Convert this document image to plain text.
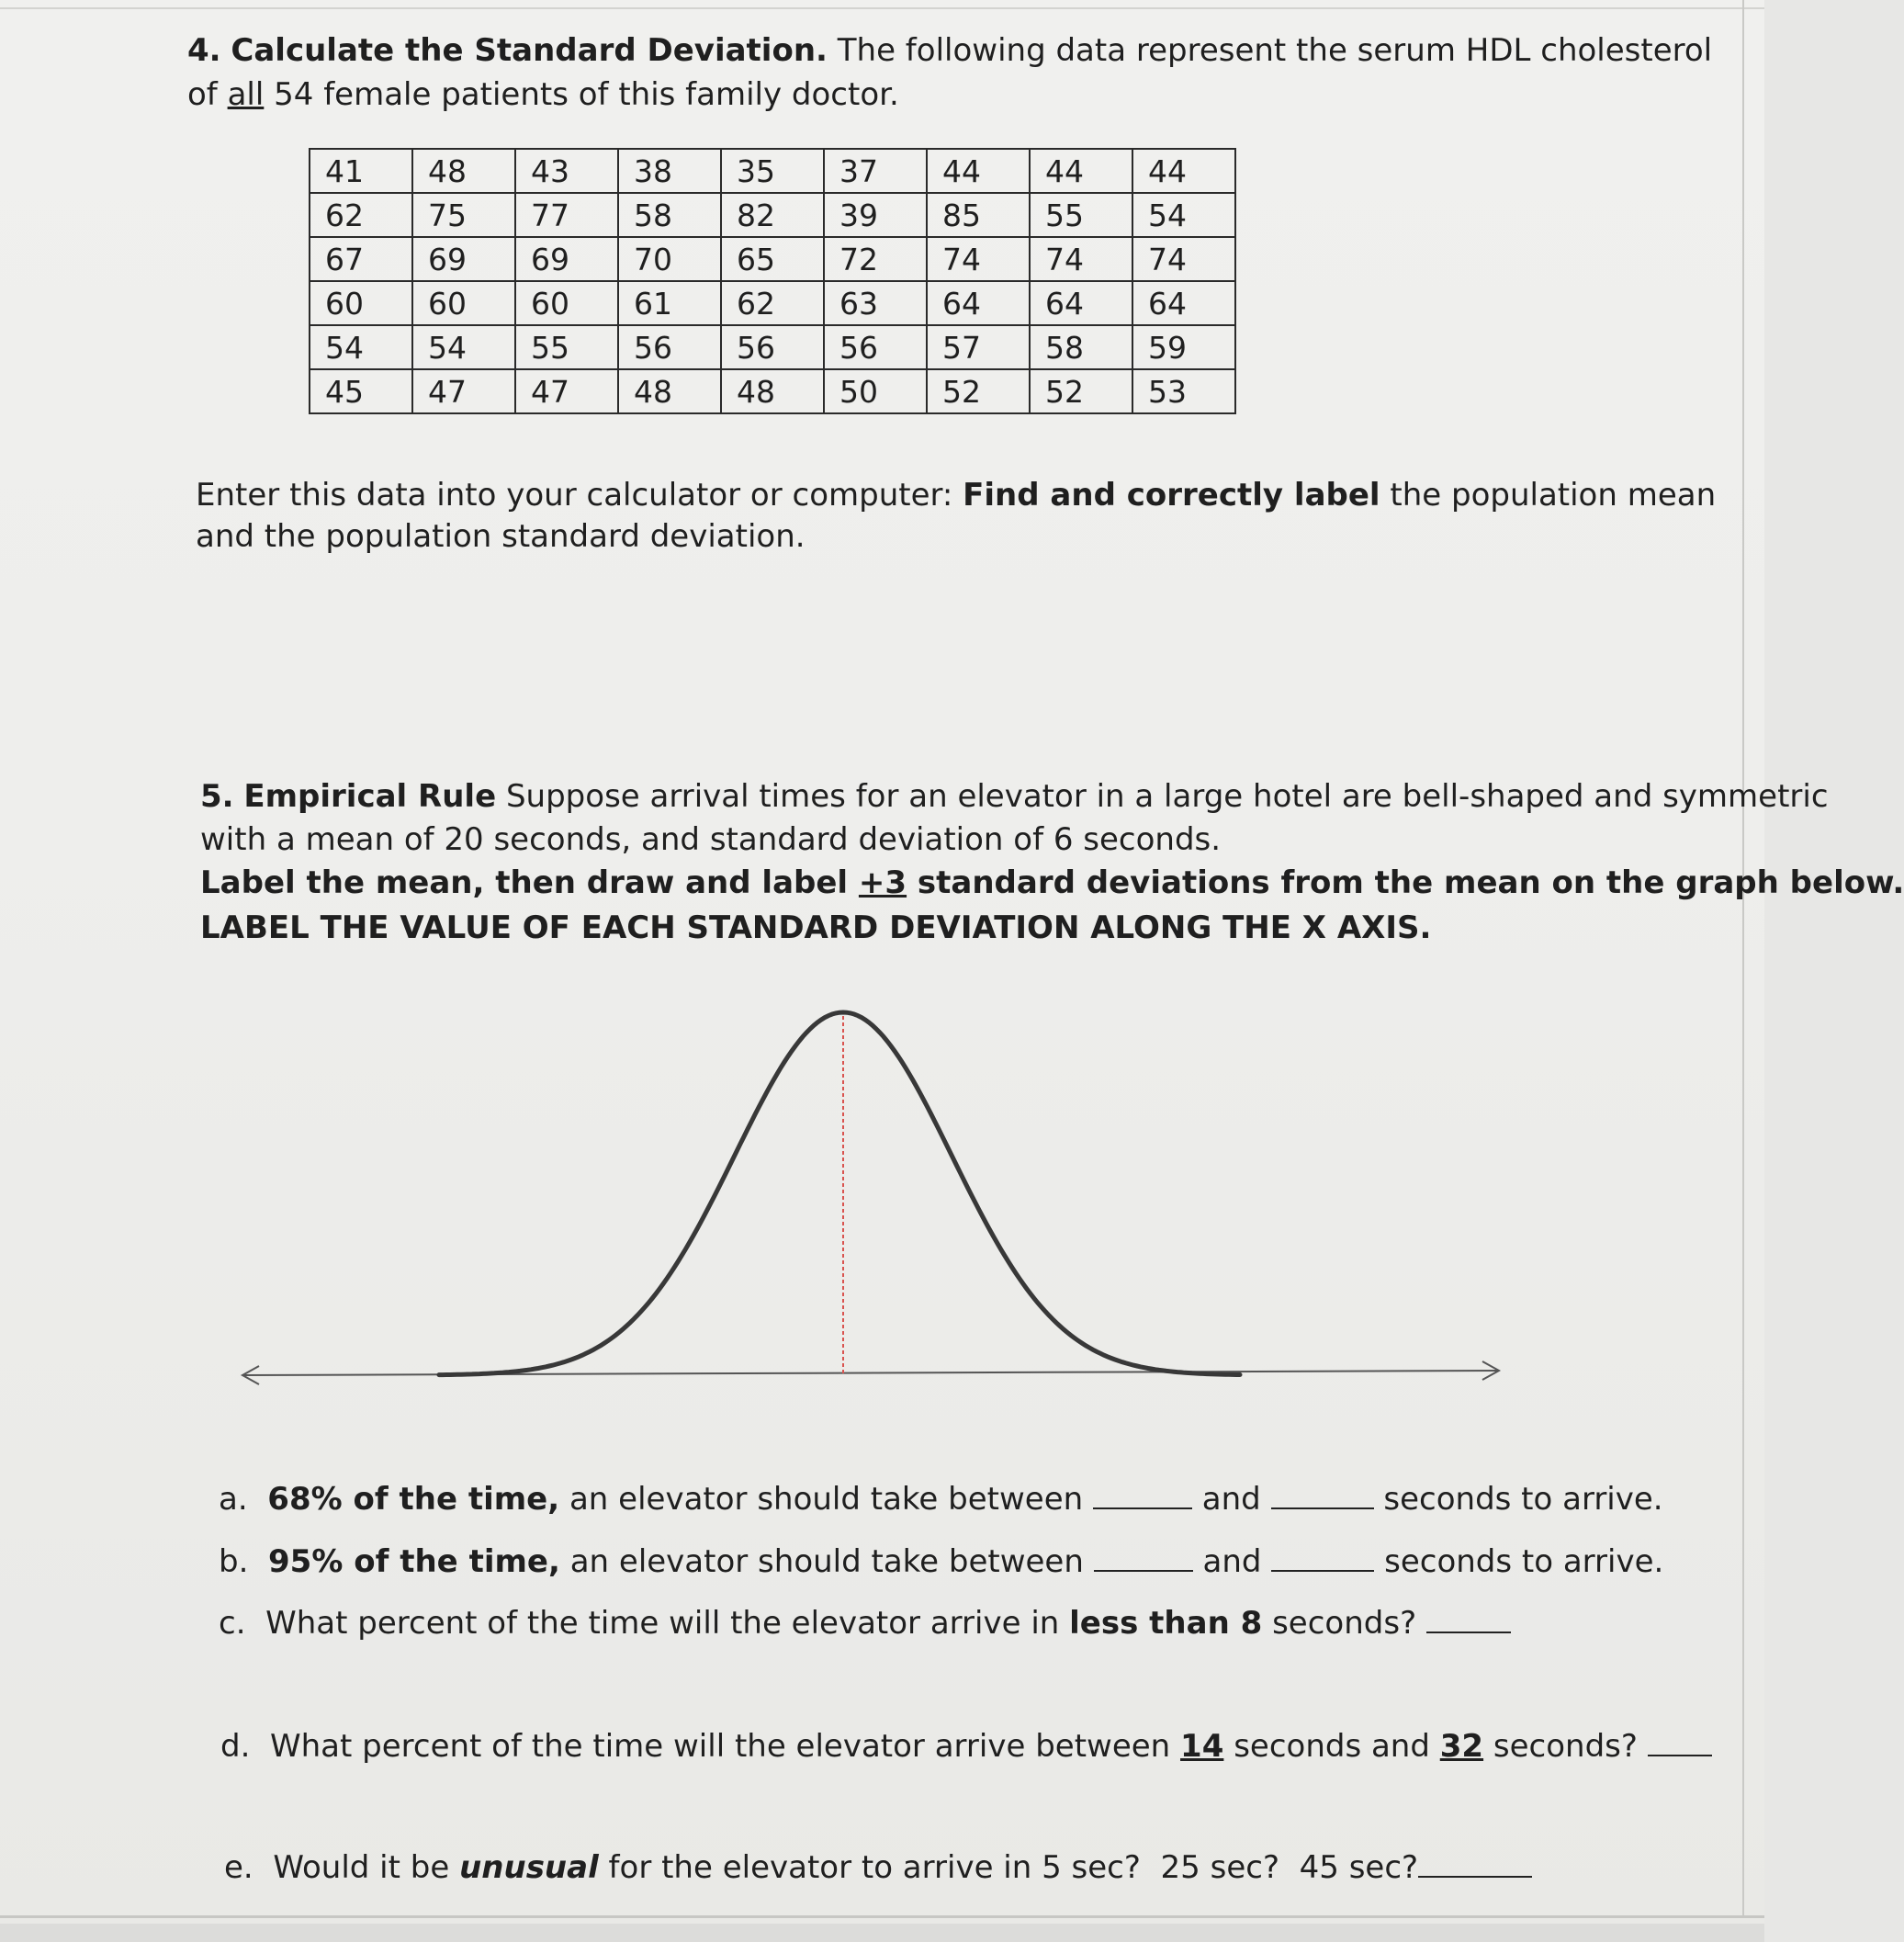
4. Calculate the Standard Deviation. The following data represent the serum HDL cholesterol
of all 54 female patients of this family doctor.
41	48	43	38	35	37	44	44	44
62	75	77	58	82	39	85	55	54
67	69	69	70	65	72	74	74	74
60	60	60	61	62	63	64	64	64
54	54	55	56	56	56	57	58	59
45	47	47	48	48	50	52	52	53
Enter this data into your calculator or computer: Find and correctly label the population mean
and the population standard deviation.
5. Empirical Rule Suppose arrival times for an elevator in a large hotel are bell-shaped and symmetric
with a mean of 20 seconds, and standard deviation of 6 seconds.
Label the mean, then draw and label +3 standard deviations from the mean on the graph below.
LABEL THE VALUE OF EACH STANDARD DEVIATION ALONG THE X AXIS.
a. 68% of the time, an elevator should take between	and	seconds to arrive.
b. 95% of the time, an elevator should take between	and	seconds to arrive.
c. What percent of the time will the elevator arrive in less than 8 seconds?
d. What percent of the time will the elevator arrive between 14 seconds and 32 seconds?
e. Would it be unusual for the elevator to arrive in 5 sec? 25 sec? 45 sec?
